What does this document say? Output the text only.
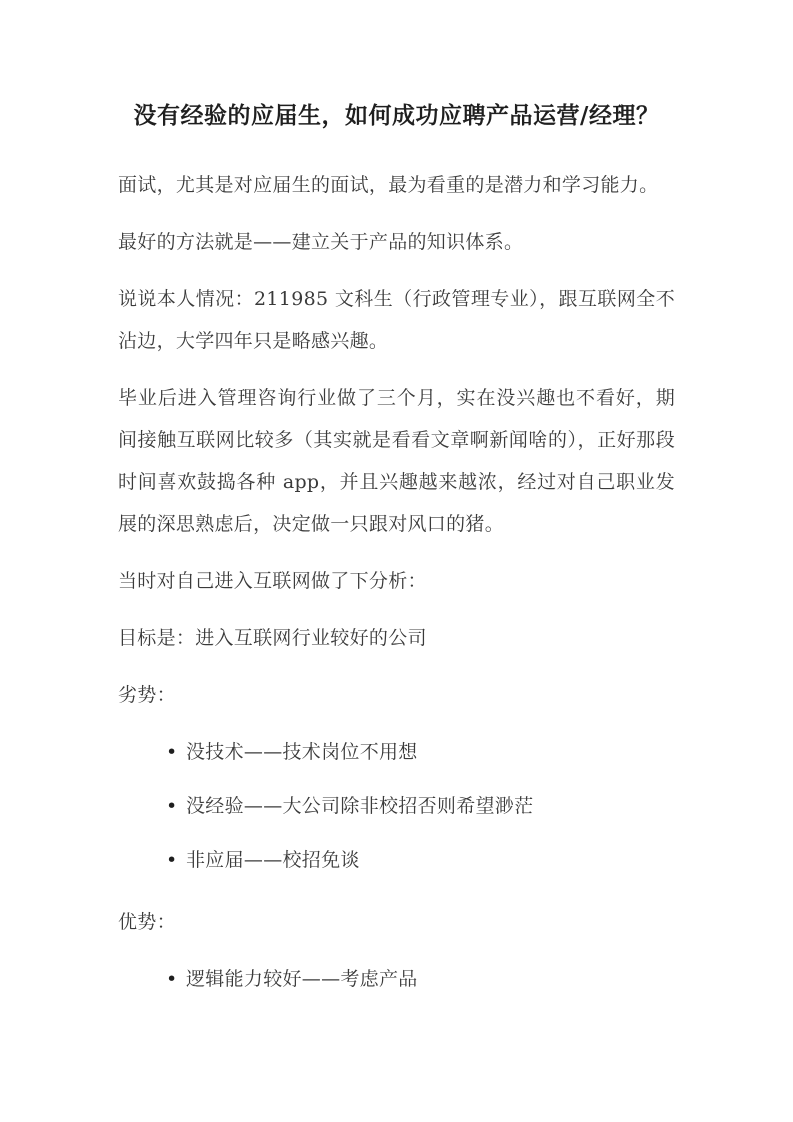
没有经验的应届生，如何成功应聘产品运营/经理？

面试，尤其是对应届生的面试，最为看重的是潜力和学习能力。

最好的方法就是——建立关于产品的知识体系。

说说本人情况：211985 文科生（行政管理专业），跟互联网全不沾边，大学四年只是略感兴趣。

毕业后进入管理咨询行业做了三个月，实在没兴趣也不看好，期间接触互联网比较多（其实就是看看文章啊新闻啥的），正好那段时间喜欢鼓捣各种 app，并且兴趣越来越浓，经过对自己职业发展的深思熟虑后，决定做一只跟对风口的猪。

当时对自己进入互联网做了下分析：

目标是：进入互联网行业较好的公司

劣势：

• 没技术——技术岗位不用想
• 没经验——大公司除非校招否则希望渺茫
• 非应届——校招免谈

优势：

• 逻辑能力较好——考虑产品
